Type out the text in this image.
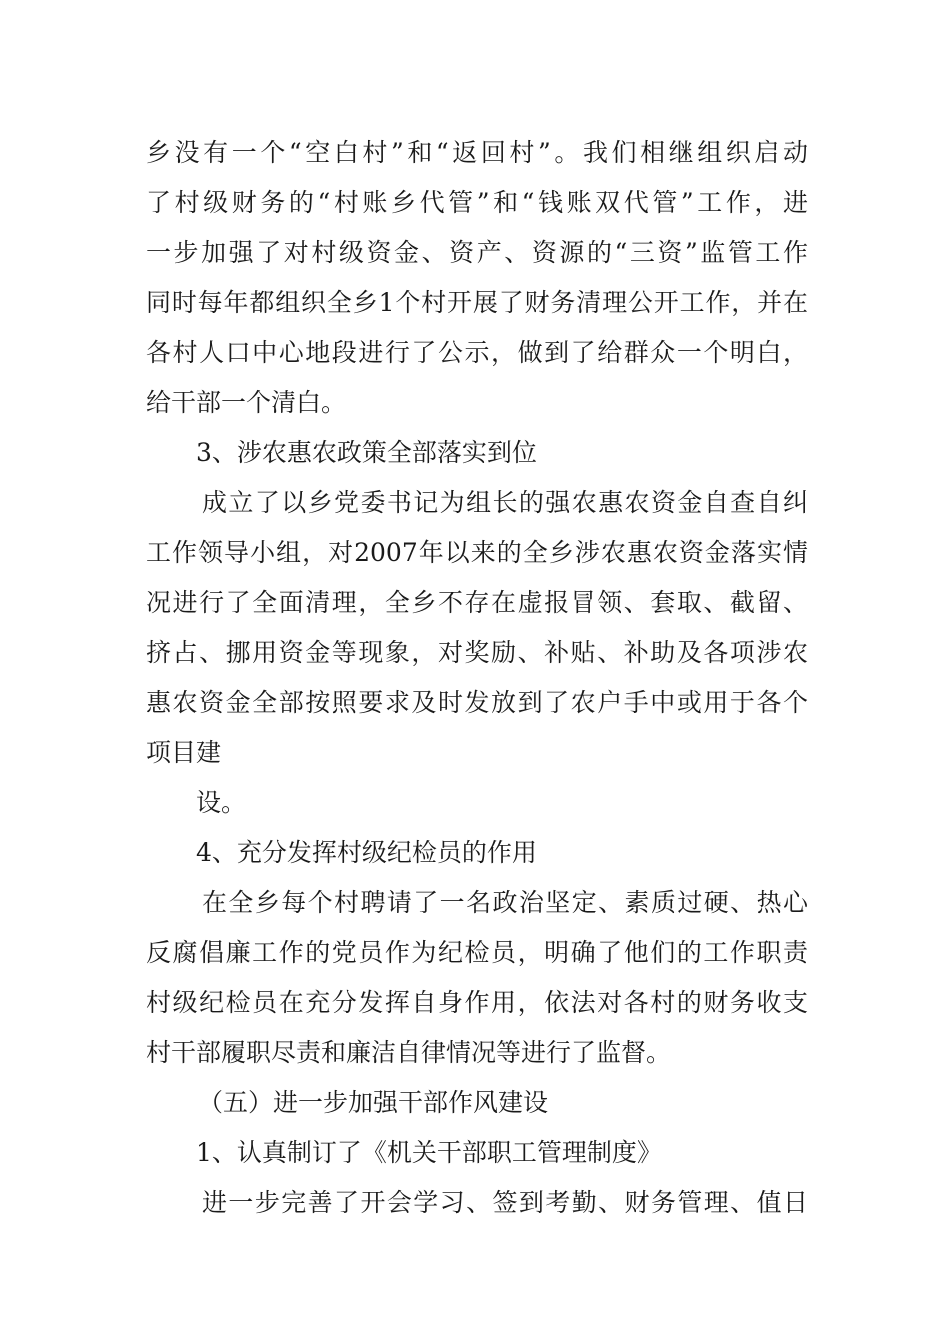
乡没有一个“空白村”和“返回村”。我们相继组织启动
了村级财务的“村账乡代管”和“钱账双代管”工作，进
一步加强了对村级资金、资产、资源的“三资”监管工作
同时每年都组织全乡1个村开展了财务清理公开工作，并在
各村人口中心地段进行了公示，做到了给群众一个明白，
给干部一个清白。
3、涉农惠农政策全部落实到位
成立了以乡党委书记为组长的强农惠农资金自查自纠
工作领导小组，对2007年以来的全乡涉农惠农资金落实情
况进行了全面清理，全乡不存在虚报冒领、套取、截留、
挤占、挪用资金等现象，对奖励、补贴、补助及各项涉农
惠农资金全部按照要求及时发放到了农户手中或用于各个
项目建
设。
4、充分发挥村级纪检员的作用
在全乡每个村聘请了一名政治坚定、素质过硬、热心
反腐倡廉工作的党员作为纪检员，明确了他们的工作职责
村级纪检员在充分发挥自身作用，依法对各村的财务收支
村干部履职尽责和廉洁自律情况等进行了监督。
（五）进一步加强干部作风建设
1、认真制订了《机关干部职工管理制度》
进一步完善了开会学习、签到考勤、财务管理、值日
